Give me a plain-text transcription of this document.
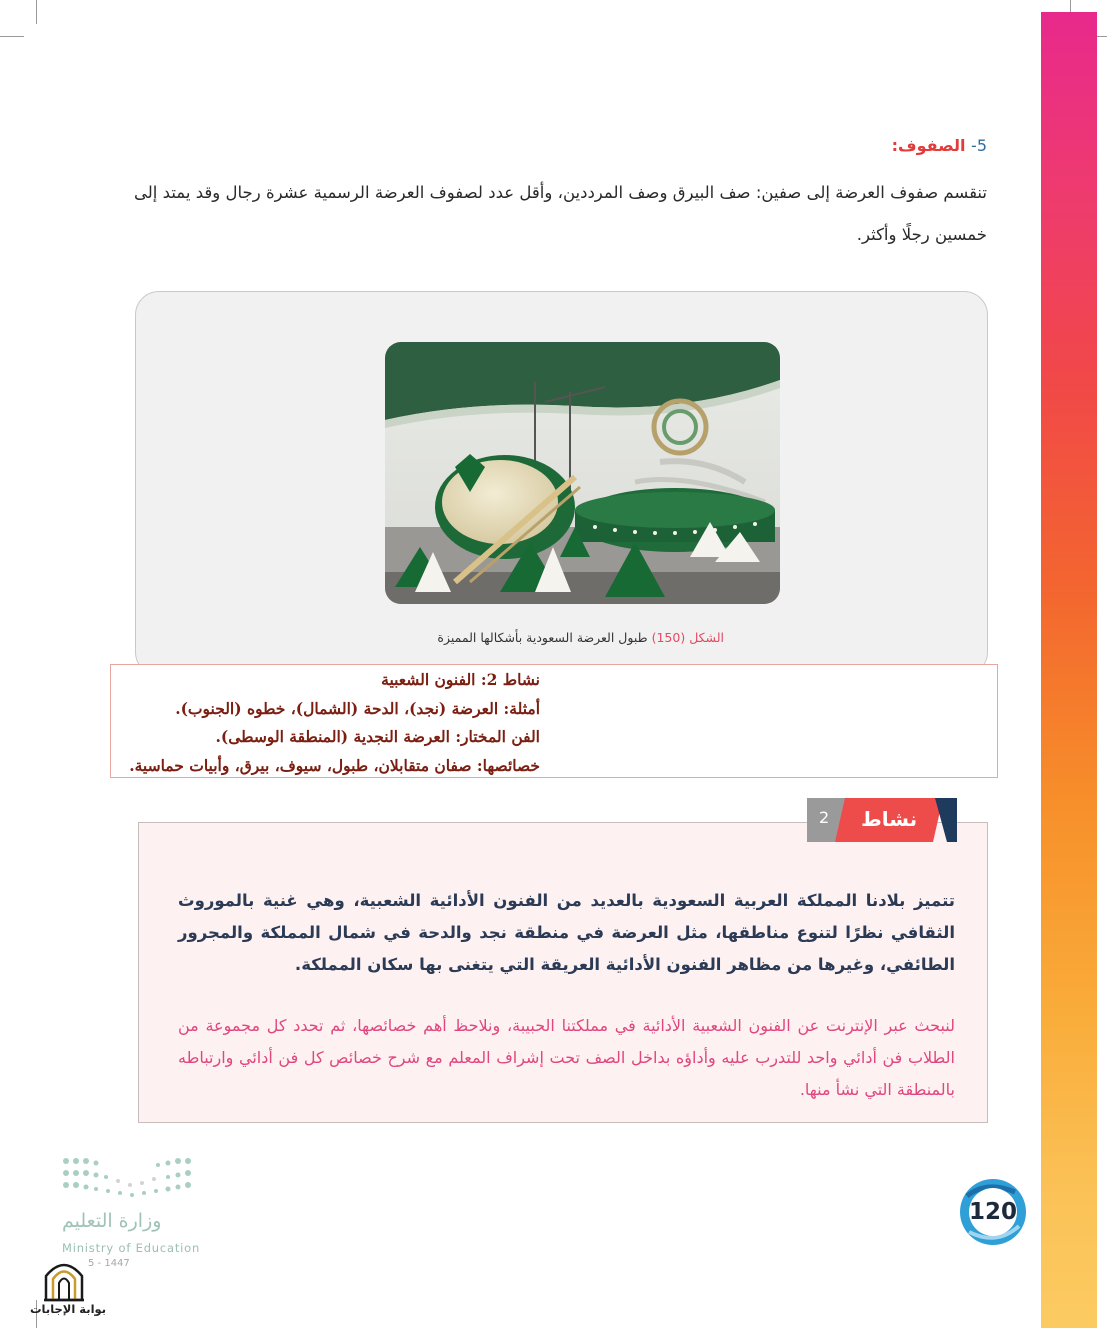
5- الصفوف:
تنقسم صفوف العرضة إلى صفين: صف البيرق وصف المرددين، وأقل عدد لصفوف العرضة الرسمية عشرة رجال وقد يمتد إلى خمسين رجلًا وأكثر.
الشكل (150) طبول العرضة السعودية بأشكالها المميزة
نشاط 2: الفنون الشعبية
أمثلة: العرضة (نجد)، الدحة (الشمال)، خطوه (الجنوب).
الفن المختار: العرضة النجدية (المنطقة الوسطى).
خصائصها: صفان متقابلان، طبول، سيوف، بيرق، وأبيات حماسية.
2 نشاط
تتميز بلادنا المملكة العربية السعودية بالعديد من الفنون الأدائية الشعبية، وهي غنية بالموروث الثقافي نظرًا لتنوع مناطقها، مثل العرضة في منطقة نجد والدحة في شمال المملكة والمجرور الطائفي، وغيرها من مظاهر الفنون الأدائية العريقة التي يتغنى بها سكان المملكة.
لنبحث عبر الإنترنت عن الفنون الشعبية الأدائية في مملكتنا الحبيبة، ونلاحظ أهم خصائصها، ثم تحدد كل مجموعة من الطلاب فن أدائي واحد للتدرب عليه وأداؤه بداخل الصف تحت إشراف المعلم مع شرح خصائص كل فن أدائي وارتباطه بالمنطقة التي نشأ منها.
120
وزارة التعليم
Ministry of Education
5 - 1447
بوابة الإجابات
